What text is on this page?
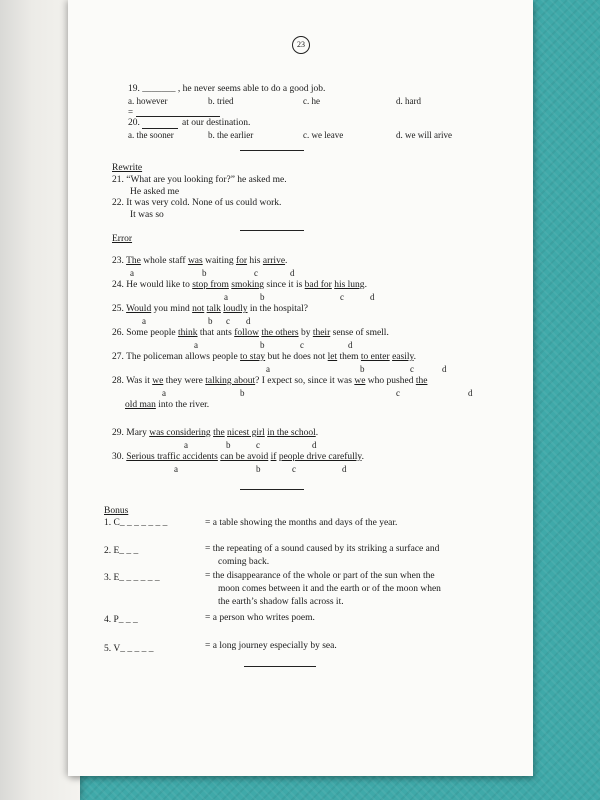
23
19. _______ , he never seems able to do a good job.
a. however	b. tried	c. he	d. hard
=
20.	at our destination.
a. the sooner	b. the earlier	c. we leave	d. we will arive
Rewrite
21. “What are you looking for?” he asked me.
He asked me
22. It was very cold. None of us could work.
It was so
Error
23. The whole staff was waiting for his arrive.
a	b	c	d
24. He would like to stop from smoking since it is bad for his lung.
a	b	c	d
25. Would you mind not talk loudly in the hospital?
a	b c d
26. Some people think that ants follow the others by their sense of smell.
a	b	c	d
27. The policeman allows people to stay but he does not let them to enter easily.
a	b	c	d
28. Was it we they were talking about? I expect so, since it was we who pushed the
a	b	c	d
old man into the river.
29. Mary was considering the nicest girl in the school.
a	b	c	d
30. Serious traffic accidents can be avoid if people drive carefully.
a	b	c	d
Bonus
1. C_ _ _ _ _ _ _	= a table showing the months and days of the year.
2. E_ _ _	= the repeating of a sound caused by its striking a surface and
coming back.
3. E_ _ _ _ _ _	= the disappearance of the whole or part of the sun when the
moon comes between it and the earth or of the moon when
the earth’s shadow falls across it.
4. P_ _ _	= a person who writes poem.
5. V_ _ _ _ _	= a long journey especially by sea.
